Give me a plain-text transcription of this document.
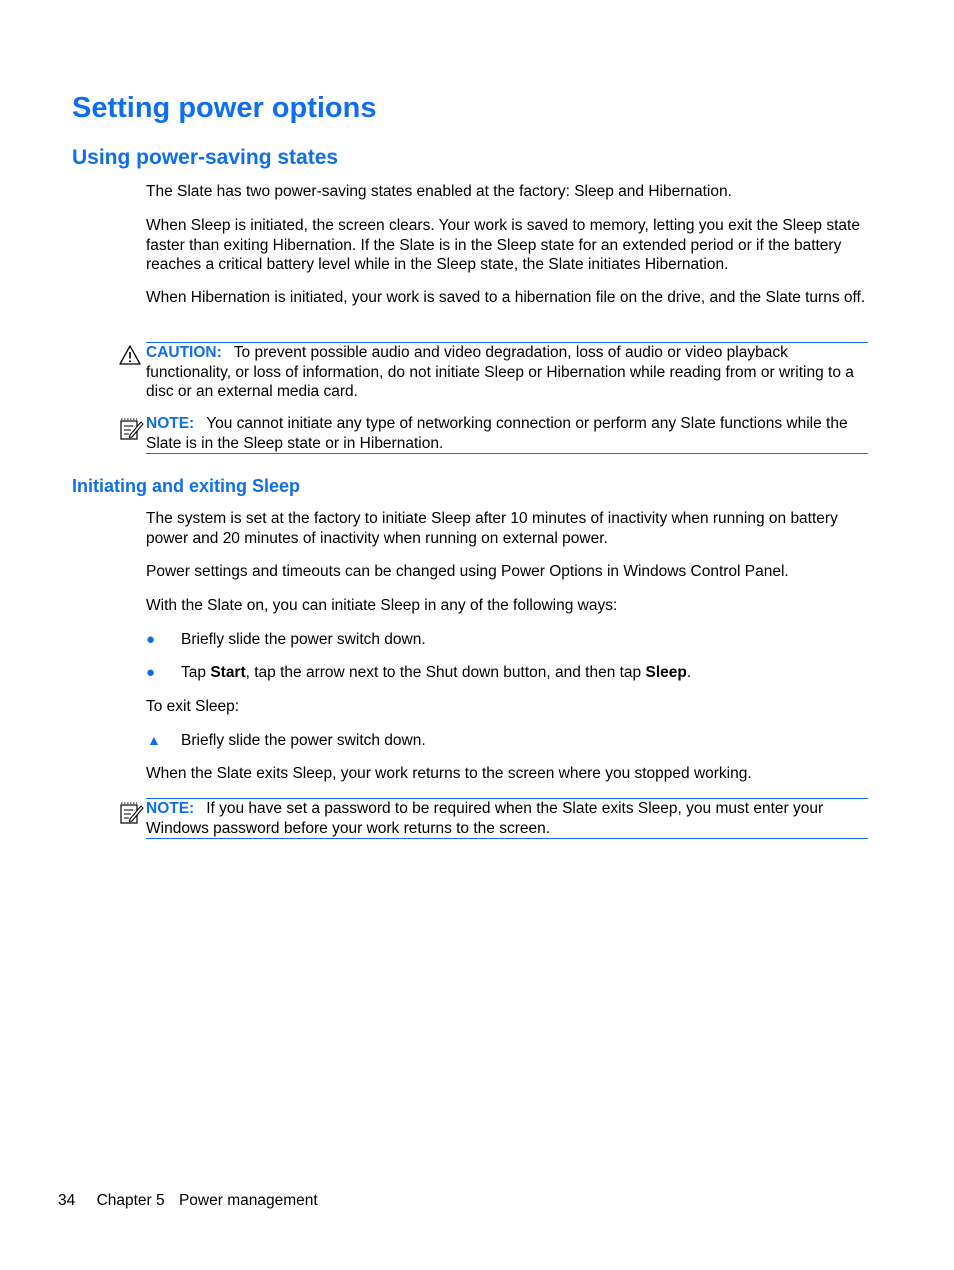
Setting power options
Using power-saving states

The Slate has two power-saving states enabled at the factory: Sleep and Hibernation.

When Sleep is initiated, the screen clears. Your work is saved to memory, letting you exit the Sleep state faster than exiting Hibernation. If the Slate is in the Sleep state for an extended period or if the battery reaches a critical battery level while in the Sleep state, the Slate initiates Hibernation.

When Hibernation is initiated, your work is saved to a hibernation file on the drive, and the Slate turns off.

CAUTION: To prevent possible audio and video degradation, loss of audio or video playback functionality, or loss of information, do not initiate Sleep or Hibernation while reading from or writing to a disc or an external media card.
NOTE: You cannot initiate any type of networking connection or perform any Slate functions while the Slate is in the Sleep state or in Hibernation.
Initiating and exiting Sleep

The system is set at the factory to initiate Sleep after 10 minutes of inactivity when running on battery power and 20 minutes of inactivity when running on external power.

Power settings and timeouts can be changed using Power Options in Windows Control Panel.

With the Slate on, you can initiate Sleep in any of the following ways:

●	Briefly slide the power switch down.
●	Tap Start, tap the arrow next to the Shut down button, and then tap Sleep.

To exit Sleep:

▲	Briefly slide the power switch down.

When the Slate exits Sleep, your work returns to the screen where you stopped working.

NOTE: If you have set a password to be required when the Slate exits Sleep, you must enter your Windows password before your work returns to the screen.
34 Chapter 5 Power management
